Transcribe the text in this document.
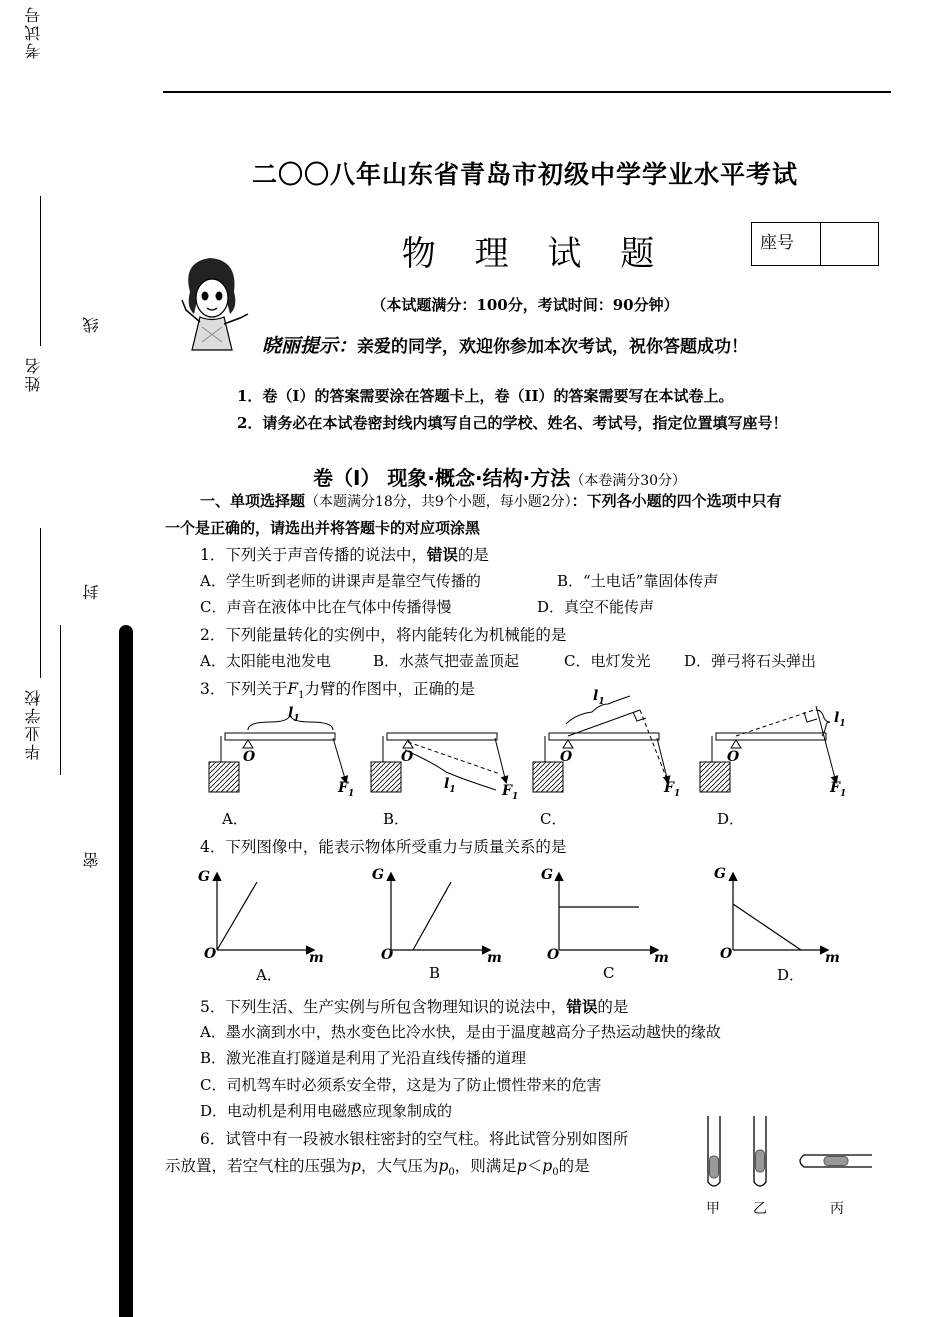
考试号
姓名
毕业学校
线
封
密
二〇〇八年山东省青岛市初级中学学业水平考试
物 理 试 题	座号
（本试题满分：100分，考试时间：90分钟）
晓丽提示：亲爱的同学，欢迎你参加本次考试，祝你答题成功！
1．卷（I）的答案需要涂在答题卡上，卷（II）的答案需要写在本试卷上。
2．请务必在本试卷密封线内填写自己的学校、姓名、考试号，指定位置填写座号！
卷（Ⅰ） 现象·概念·结构·方法（本卷满分30分）
一、单项选择题（本题满分18分，共9个小题，每小题2分）：下列各小题的四个选项中只有
一个是正确的，请选出并将答题卡的对应项涂黑
1．下列关于声音传播的说法中，错误的是
A．学生听到老师的讲课声是靠空气传播的	B．“土电话”靠固体传声
C．声音在液体中比在气体中传播得慢	D．真空不能传声
2．下列能量转化的实例中，将内能转化为机械能的是
A．太阳能电池发电	B．水蒸气把壶盖顶起	C．电灯发光 D．弹弓将石头弹出
3．下列关于$F_1$力臂的作图中，正确的是
$l_1$
O
$F_1$
O
$l_1$	$F_1$
$l_1$
O
$F_1$
$l_1$
O
$F_1$
A．	B．	C．	D．
4．下列图像中，能表示物体所受重力与质量关系的是
G
O	m
G
O	m
G
O	m
G
O	m
A．	B	C	D．
5．下列生活、生产实例与所包含物理知识的说法中，错误的是
A．墨水滴到水中，热水变色比冷水快，是由于温度越高分子热运动越快的缘故
B．激光准直打隧道是利用了光沿直线传播的道理
C．司机驾车时必须系安全带，这是为了防止惯性带来的危害
D．电动机是利用电磁感应现象制成的
6．试管中有一段被水银柱密封的空气柱。将此试管分别如图所
示放置，若空气柱的压强为p，大气压为$p_0$，则满足$p<p_0$的是
甲 乙	丙
